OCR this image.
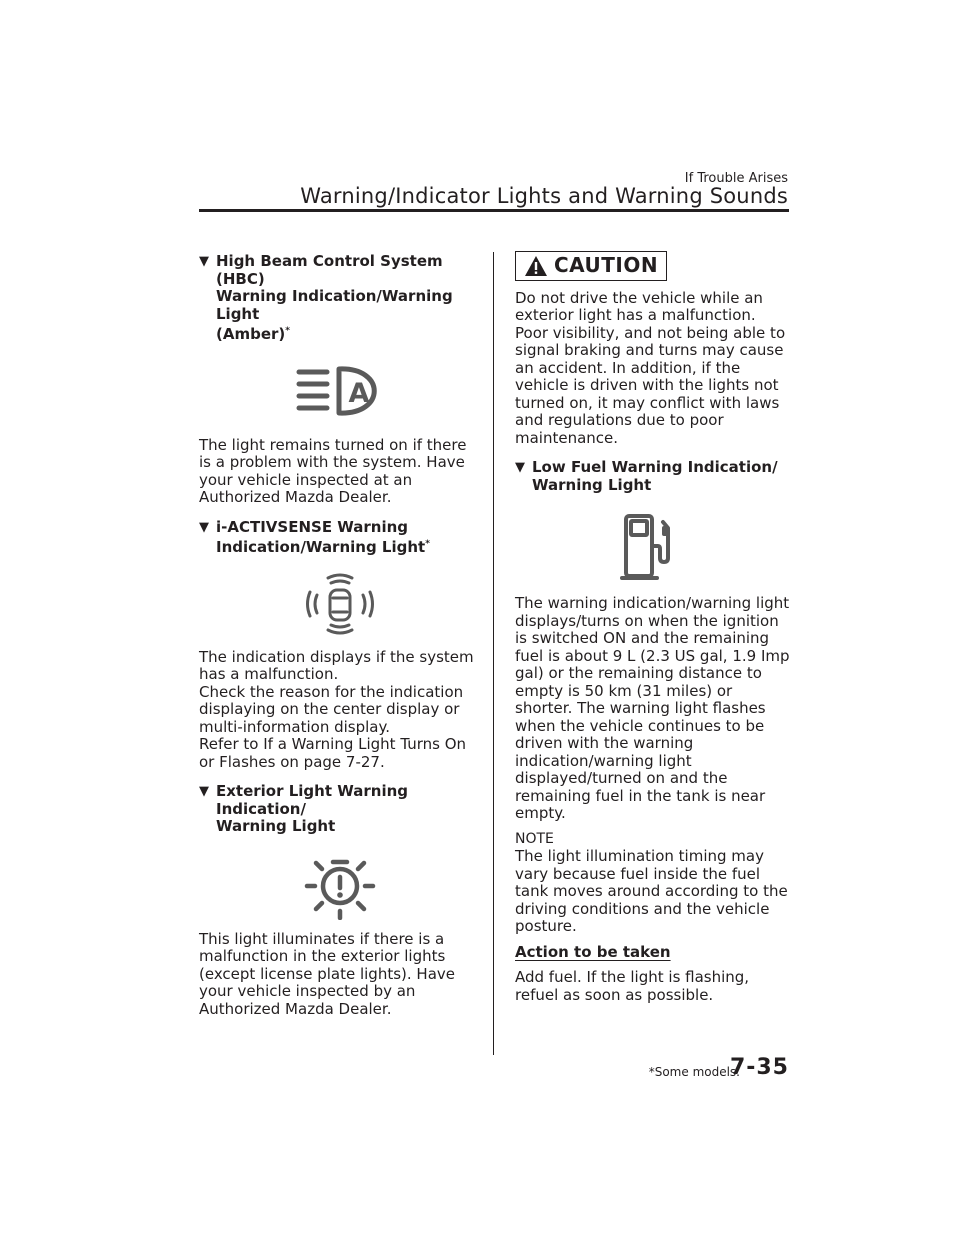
If Trouble Arises
Warning/Indicator Lights and Warning Sounds
▼ High Beam Control System (HBC)
Warning Indication/Warning Light
(Amber)*
A

The light remains turned on if there is a problem with the system. Have your vehicle inspected at an Authorized Mazda Dealer.

▼ i-ACTIVSENSE Warning
Indication/Warning Light*

The indication displays if the system has a malfunction.

Check the reason for the indication displaying on the center display or multi-information display.

Refer to If a Warning Light Turns On or Flashes on page 7-27.

▼ Exterior Light Warning Indication/
Warning Light

This light illuminates if there is a malfunction in the exterior lights (except license plate lights). Have your vehicle inspected by an Authorized Mazda Dealer.

CAUTION

Do not drive the vehicle while an exterior light has a malfunction. Poor visibility, and not being able to signal braking and turns may cause an accident. In addition, if the vehicle is driven with the lights not turned on, it may conflict with laws and regulations due to poor maintenance.

▼ Low Fuel Warning Indication/
Warning Light

The warning indication/warning light displays/turns on when the ignition is switched ON and the remaining fuel is about 9 L (2.3 US gal, 1.9 Imp gal) or the remaining distance to empty is 50 km (31 miles) or shorter. The warning light flashes when the vehicle continues to be driven with the warning indication/warning light displayed/turned on and the remaining fuel in the tank is near empty.

NOTE

The light illumination timing may vary because fuel inside the fuel tank moves around according to the driving conditions and the vehicle posture.

Action to be taken

Add fuel. If the light is flashing, refuel as soon as possible.

*Some models.
7-35
